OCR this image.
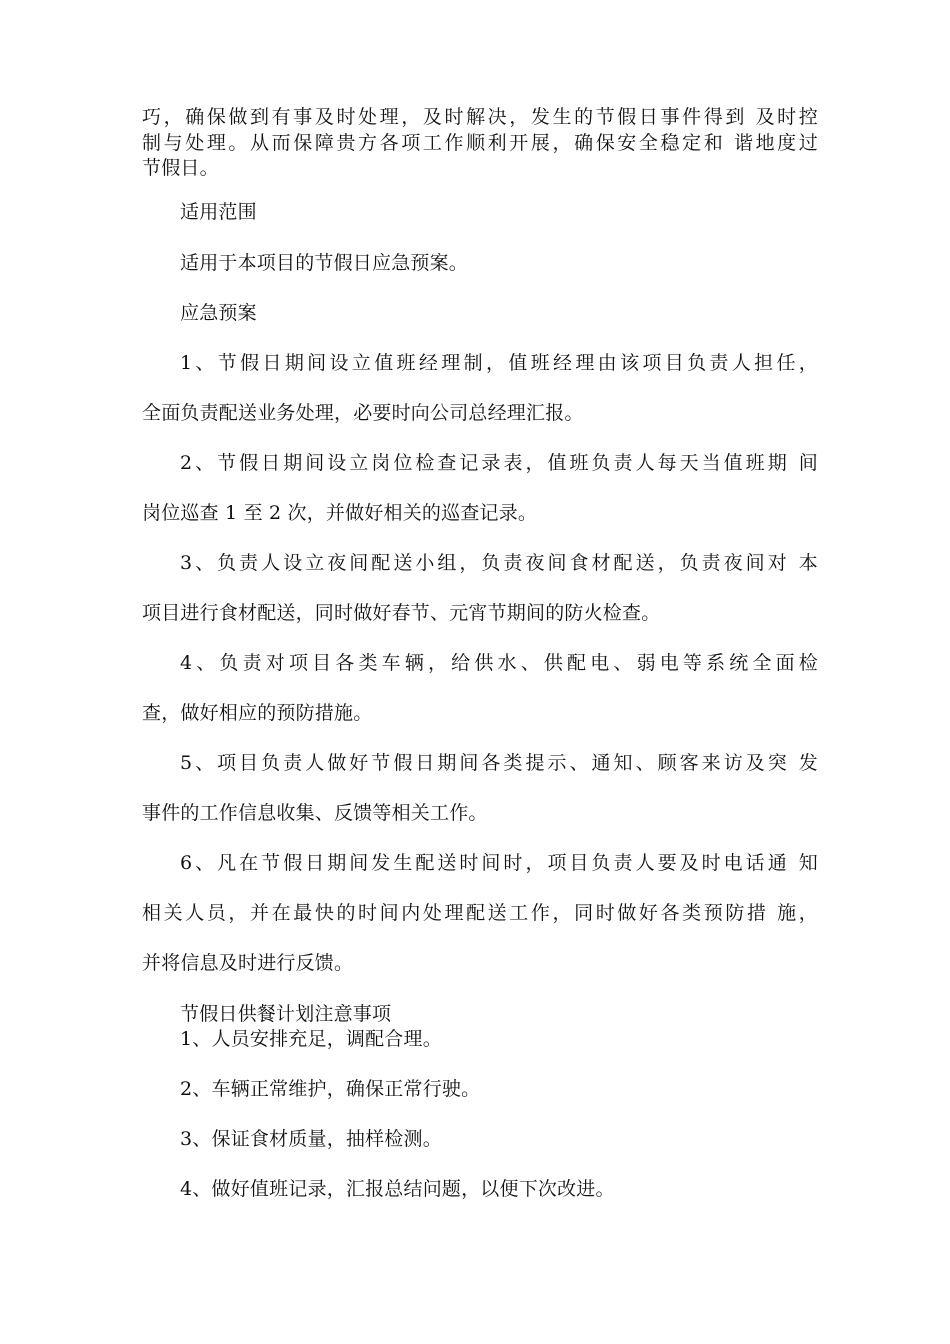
巧，确保做到有事及时处理，及时解决，发生的节假日事件得到 及时控
制与处理。从而保障贵方各项工作顺利开展，确保安全稳定和 谐地度过
节假日。
适用范围
适用于本项目的节假日应急预案。
应急预案
1、节假日期间设立值班经理制，值班经理由该项目负责人担任，
全面负责配送业务处理，必要时向公司总经理汇报。
2、节假日期间设立岗位检查记录表，值班负责人每天当值班期 间
岗位巡查 1 至 2 次，并做好相关的巡查记录。
3、负责人设立夜间配送小组，负责夜间食材配送，负责夜间对 本
项目进行食材配送，同时做好春节、元宵节期间的防火检查。
4、负责对项目各类车辆，给供水、供配电、弱电等系统全面检
查，做好相应的预防措施。
5、项目负责人做好节假日期间各类提示、通知、顾客来访及突 发
事件的工作信息收集、反馈等相关工作。
6、凡在节假日期间发生配送时间时，项目负责人要及时电话通 知
相关人员，并在最快的时间内处理配送工作，同时做好各类预防措 施，
并将信息及时进行反馈。
节假日供餐计划注意事项
1、人员安排充足，调配合理。
2、车辆正常维护，确保正常行驶。
3、保证食材质量，抽样检测。
4、做好值班记录，汇报总结问题，以便下次改进。
